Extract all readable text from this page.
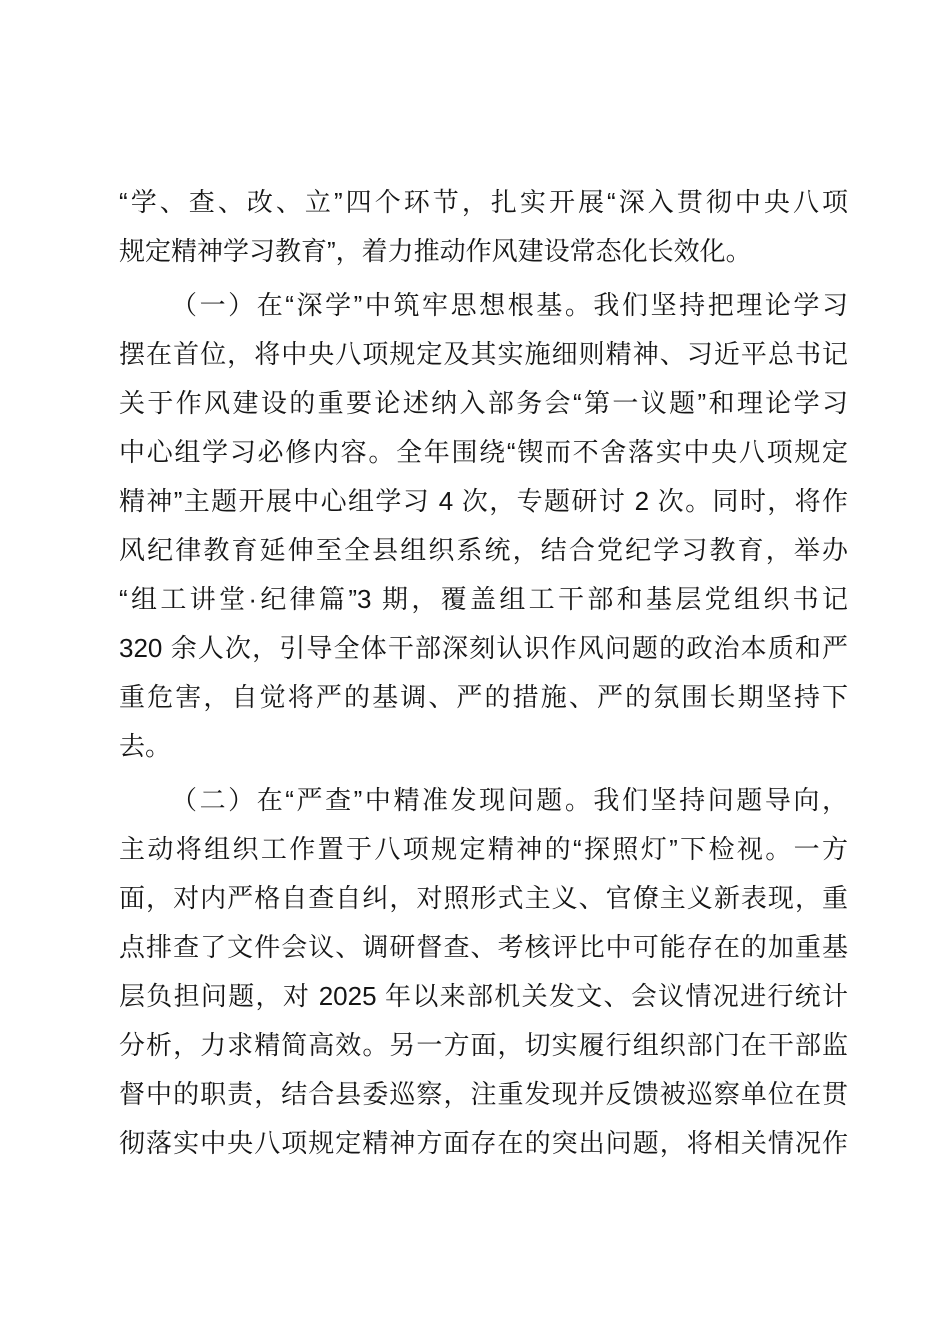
“学、查、改、立”四个环节，扎实开展“深入贯彻中央八项
规定精神学习教育”，着力推动作风建设常态化长效化。
（一）在“深学”中筑牢思想根基。我们坚持把理论学习
摆在首位，将中央八项规定及其实施细则精神、习近平总书记
关于作风建设的重要论述纳入部务会“第一议题”和理论学习
中心组学习必修内容。全年围绕“锲而不舍落实中央八项规定
精神”主题开展中心组学习 4 次，专题研讨 2 次。同时，将作
风纪律教育延伸至全县组织系统，结合党纪学习教育，举办
“组工讲堂·纪律篇”3 期，覆盖组工干部和基层党组织书记
320 余人次，引导全体干部深刻认识作风问题的政治本质和严
重危害，自觉将严的基调、严的措施、严的氛围长期坚持下
去。
（二）在“严查”中精准发现问题。我们坚持问题导向，
主动将组织工作置于八项规定精神的“探照灯”下检视。一方
面，对内严格自查自纠，对照形式主义、官僚主义新表现，重
点排查了文件会议、调研督查、考核评比中可能存在的加重基
层负担问题，对 2025 年以来部机关发文、会议情况进行统计
分析，力求精简高效。另一方面，切实履行组织部门在干部监
督中的职责，结合县委巡察，注重发现并反馈被巡察单位在贯
彻落实中央八项规定精神方面存在的突出问题，将相关情况作
